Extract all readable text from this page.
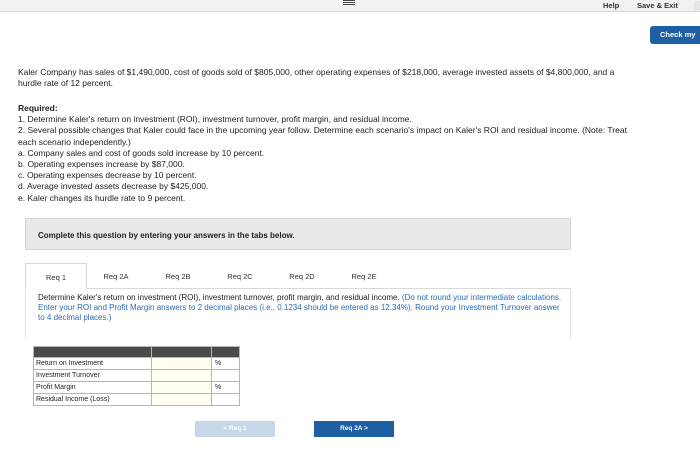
Help Save & Exit
Check my

Kaler Company has sales of $1,490,000, cost of goods sold of $805,000, other operating expenses of $218,000, average invested assets of $4,800,000, and a hurdle rate of 12 percent.

Required:
1. Determine Kaler's return on investment (ROI), investment turnover, profit margin, and residual income.
2. Several possible changes that Kaler could face in the upcoming year follow. Determine each scenario's impact on Kaler's ROI and residual income. (Note: Treat each scenario independently.)
a. Company sales and cost of goods sold increase by 10 percent.
b. Operating expenses increase by $87,000.
c. Operating expenses decrease by 10 percent.
d. Average invested assets decrease by $425,000.
e. Kaler changes its hurdle rate to 9 percent.
Complete this question by entering your answers in the tabs below.
Req 1	Req 2A	Req 2B	Req 2C	Req 2D	Req 2E

Determine Kaler's return on investment (ROI), investment turnover, profit margin, and residual income. (Do not round your intermediate calculations. Enter your ROI and Profit Margin answers to 2 decimal places (i.e., 0.1234 should be entered as 12.34%). Round your Investment Turnover answer to 4 decimal places.)

Return on Investment		%
Investment Turnover		
Profit Margin		%
Residual Income (Loss)		
< Req 1	Req 2A >
